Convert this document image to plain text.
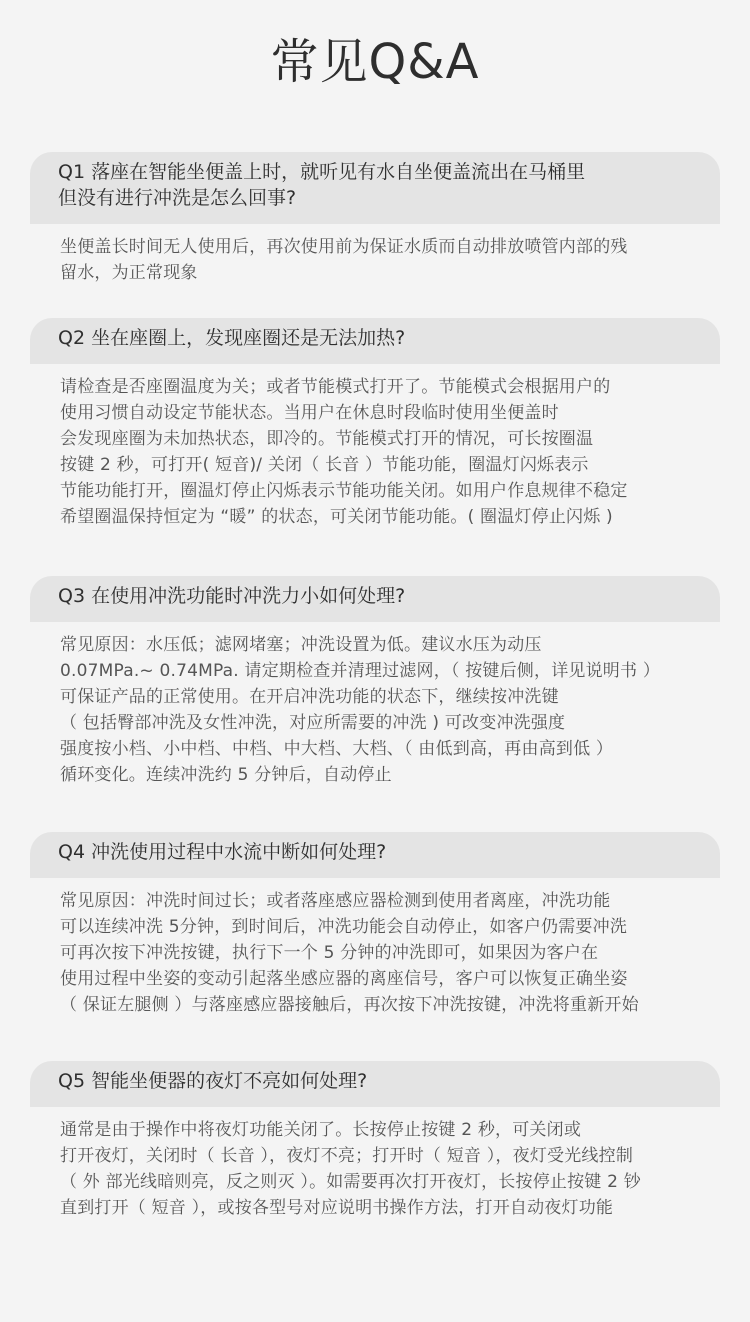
常见Q&A
Q1 落座在智能坐便盖上时，就听见有水自坐便盖流出在马桶里
但没有进行冲洗是怎么回事?
坐便盖长时间无人使用后，再次使用前为保证水质而自动排放喷管内部的残
留水，为正常现象
Q2 坐在座圈上，发现座圈还是无法加热?
请检查是否座圈温度为关；或者节能模式打开了。节能模式会根据用户的
使用习惯自动设定节能状态。当用户在休息时段临时使用坐便盖时
会发现座圈为未加热状态，即冷的。节能模式打开的情况，可长按圈温
按键 2 秒，可打开( 短音)/ 关闭（ 长音 ）节能功能，圈温灯闪烁表示
节能功能打开，圈温灯停止闪烁表示节能功能关闭。如用户作息规律不稳定
希望圈温保持恒定为 “暖” 的状态，可关闭节能功能。( 圈温灯停止闪烁 )
Q3 在使用冲洗功能时冲洗力小如何处理?
常见原因：水压低；滤网堵塞；冲洗设置为低。建议水压为动压
0.07MPa.~ 0.74MPa. 请定期检查并清理过滤网，（ 按键后侧，详见说明书 ）
可保证产品的正常使用。在开启冲洗功能的状态下，继续按冲洗键
（ 包括臀部冲洗及女性冲洗，对应所需要的冲洗 ) 可改变冲洗强度
强度按小档、小中档、中档、中大档、大档、（ 由低到高，再由高到低 ）
循环变化。连续冲洗约 5 分钟后，自动停止
Q4 冲洗使用过程中水流中断如何处理?
常见原因：冲洗时间过长；或者落座感应器检测到使用者离座，冲洗功能
可以连续冲洗 5分钟，到时间后，冲洗功能会自动停止，如客户仍需要冲洗
可再次按下冲洗按键，执行下一个 5 分钟的冲洗即可，如果因为客户在
使用过程中坐姿的变动引起落坐感应器的离座信号，客户可以恢复正确坐姿
（ 保证左腿侧 ）与落座感应器接触后，再次按下冲洗按键，冲洗将重新开始
Q5 智能坐便器的夜灯不亮如何处理?
通常是由于操作中将夜灯功能关闭了。长按停止按键 2 秒，可关闭或
打开夜灯，关闭时（ 长音 ），夜灯不亮；打开时（ 短音 ），夜灯受光线控制
（ 外 部光线暗则亮，反之则灭 ）。如需要再次打开夜灯，长按停止按键 2 钞
直到打开（ 短音 ），或按各型号对应说明书操作方法，打开自动夜灯功能
